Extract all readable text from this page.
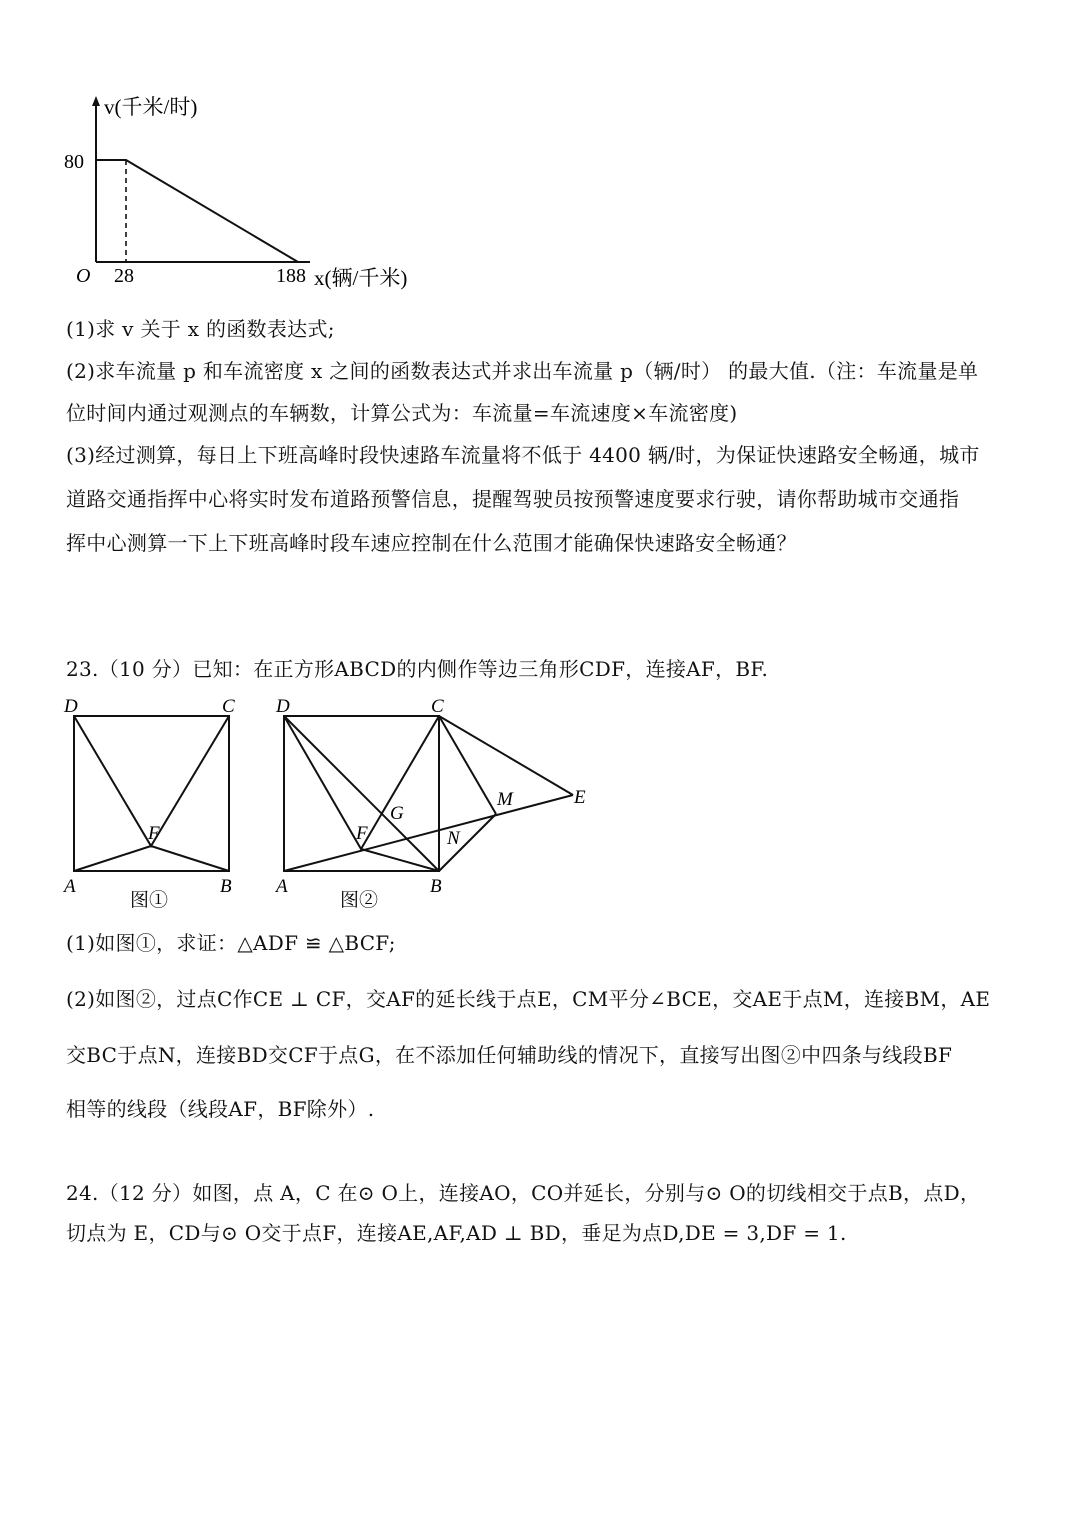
v(千米/时)
80
O 28	188 x(辆/千米)
(1)求 v 关于 x 的函数表达式;
(2)求车流量 p 和车流密度 x 之间的函数表达式并求出车流量 p（辆/时） 的最大值.（注：车流量是单
位时间内通过观测点的车辆数，计算公式为：车流量=车流速度×车流密度)
(3)经过测算，每日上下班高峰时段快速路车流量将不低于 4400 辆/时，为保证快速路安全畅通，城市
道路交通指挥中心将实时发布道路预警信息，提醒驾驶员按预警速度要求行驶，请你帮助城市交通指
挥中心测算一下上下班高峰时段车速应控制在什么范围才能确保快速路安全畅通？
23.（10 分）已知：在正方形ABCD的内侧作等边三角形CDF，连接AF，BF.
D	C
F
A	B
图①
D	C
G
M	E
F	N
A	B
图②
(1)如图①，求证：△ADF ≌ △BCF;
(2)如图②，过点C作CE ⊥ CF，交AF的延长线于点E，CM平分∠BCE，交AE于点M，连接BM，AE
交BC于点N，连接BD交CF于点G，在不添加任何辅助线的情况下，直接写出图②中四条与线段BF
相等的线段（线段AF，BF除外）.
24.（12 分）如图，点 A，C 在⊙ O上，连接AO，CO并延长，分别与⊙ O的切线相交于点B，点D，
切点为 E，CD与⊙ O交于点F，连接AE,AF,AD ⊥ BD，垂足为点D,DE = 3,DF = 1.
